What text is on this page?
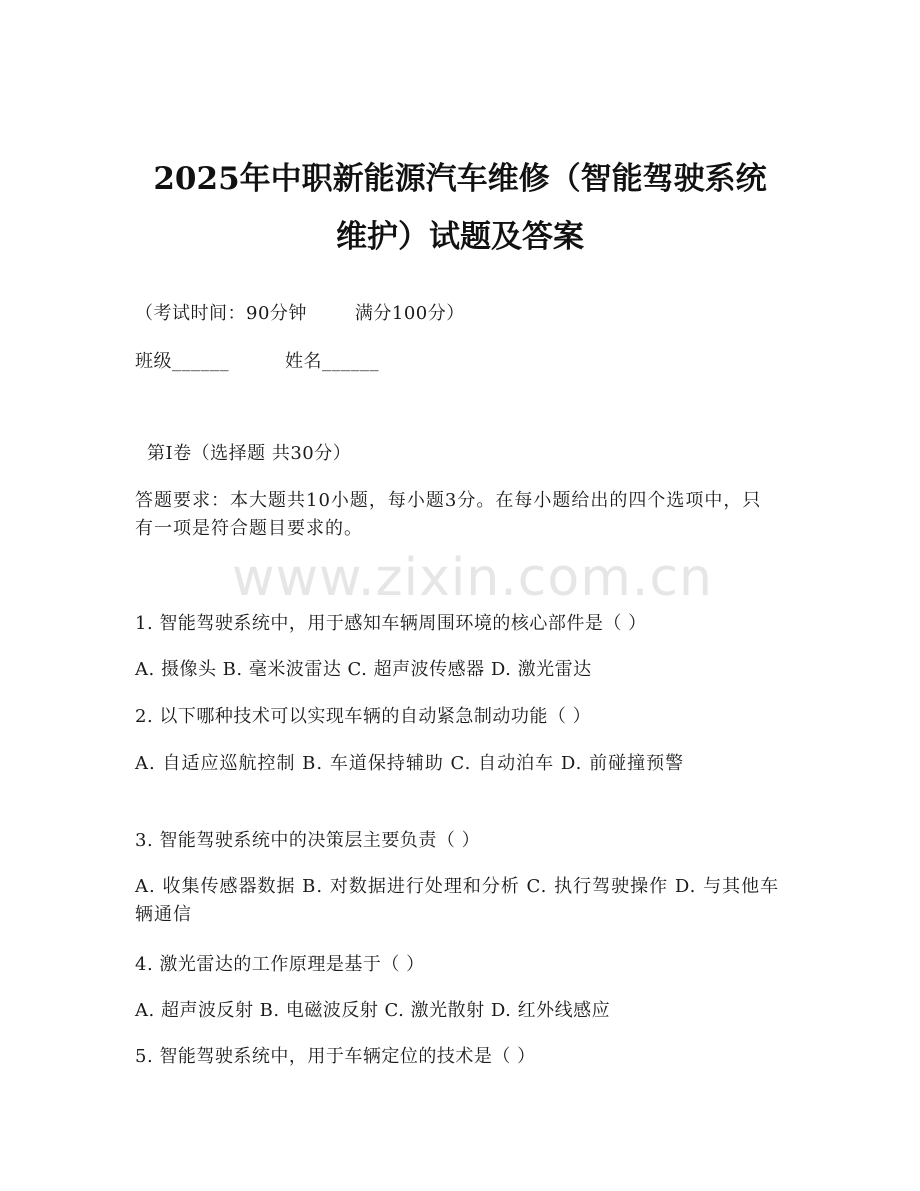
2025年中职新能源汽车维修（智能驾驶系统
维护）试题及答案
（考试时间：90分钟	满分100分）
班级______	姓名______
第Ⅰ卷（选择题 共30分）
答题要求：本大题共10小题，每小题3分。在每小题给出的四个选项中，只有一项是符合题目要求的。
www.zixin.com.cn
1. 智能驾驶系统中，用于感知车辆周围环境的核心部件是（ ）
A. 摄像头 B. 毫米波雷达 C. 超声波传感器 D. 激光雷达
2. 以下哪种技术可以实现车辆的自动紧急制动功能（ ）
A. 自适应巡航控制 B. 车道保持辅助 C. 自动泊车 D. 前碰撞预警
3. 智能驾驶系统中的决策层主要负责（ ）
A. 收集传感器数据 B. 对数据进行处理和分析 C. 执行驾驶操作 D. 与其他车辆通信
4. 激光雷达的工作原理是基于（ ）
A. 超声波反射 B. 电磁波反射 C. 激光散射 D. 红外线感应
5. 智能驾驶系统中，用于车辆定位的技术是（ ）
